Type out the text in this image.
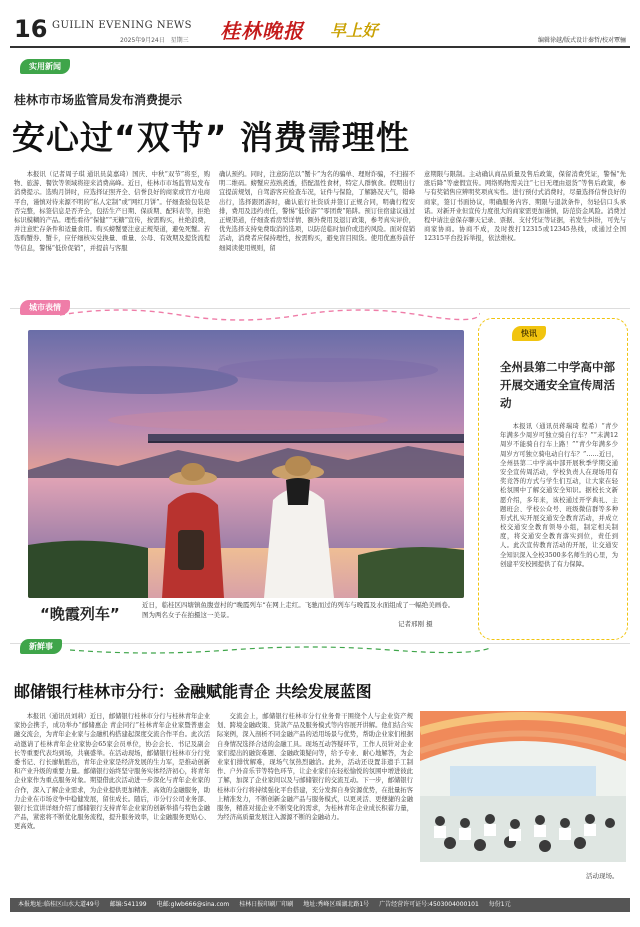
16 GUILIN EVENING NEWS
2025年9月24日 星期三 桂林晚报 早上好
编辑徐越/版式设计秦哲/校对覃骊
实用新闻
桂林市市场监管局发布消费提示
安心过“双节” 消费需理性

本报讯（记者周子琪 通讯员莫嘉琦）国庆、中秋“双节”将至，购物、旅游、餐饮等领域将迎来消费高峰。近日，桂林市市场监管局发布消费提示。选购月饼时，应选择证照齐全、信誉良好的商家或官方电商平台，谨慎对待来源不明的“私人定制”或“网红月饼”。仔细查验包装是否完整，标签信息是否齐全，包括生产日期、保质期、配料表等，拒绝标识模糊的产品。理性看待“保健”“无糖”宣传，按需购买，杜绝浪费，并注意贮存条件和适量食用。购买螃蟹要注意正规渠道，避免死蟹。若选购蟹券、蟹卡，应仔细核实兑换量、重量、公母、有效期及提货流程等信息，警惕“低价促销”，并提前与客服

确认预约。同时，注意防范以“蟹卡”为名的骗单、理财诈骗，不扫描不明二维码。螃蟹应蒸熟煮透，搭配温性食材，特定人群慎食。假期出行宜提前规划，自驾游客应检查车况，证件与保险，了解路况天气，错峰出行，选择跟团游时，确认旅行社资质并签订正规合同，明确行程安排，费用及违约责任，警惕“低价游”“零团费”陷阱。预订住宿建议通过正规渠道，仔细查看房型详情、额外费用及退订政策，参考真实评价，优先选择支持免费取消的选项，以防范临时加价或违约风险。面对促销活动，消费者应保持理性，按需购买，避免盲目囤货。使用优惠券前仔细阅读使用规则，留

意期限与限制。主动确认商品质量及售后政策，保留消费凭证，警惕“先涨后降”等虚假宣传。网络购物需关注“七日无理由退货”等售后政策，参与有奖销售应辨明奖项真实性。进行预付式消费时，尽量选择信誉良好的商家，签订书面协议，明确服务内容、期限与退款条件，勿轻信口头承诺。对新开业但宣传力度很大的商家需更加谨慎，防范资金风险。消费过程中请注意保存聊天记录、票据、支付凭证等证据，若发生纠纷，可先与商家协商。协商不成，及时拨打12315或12345热线，或通过全国12315平台投诉举报，依法维权。

城市表情
“晚霞列车”	近日，临桂区四塘镇鱼腹壹村的“晚霞列车”在网上走红。飞驰而过的列车与晚霞及水面组成了一幅绝美画卷。图为两名女子在拍摄这一美景。
记者邢刚 摄
快讯
全州县第二中学高中部开展交通安全宣传周活动

本报讯（通讯员蒋瑞琦 程希）“青少年满多少周岁可独立骑自行车？”“未满12周岁不能骑自行车上路！”“青少年满多少周岁方可独立骑电动自行车？”……近日，全州县第二中学高中部开展秋季学期交通安全宣传周活动，学校负责人在现场用有奖竞答的方式与学生们互动，让大家在轻松氛围中了解交通安全知识。据校长文新愿介绍，多年来，该校通过开学典礼、主题班会、学校公众号、班级微信群等多种形式扎实开展交通安全教育活动，并成立校交通安全教育领导小组，制定相关制度，将交通安全教育落实到位，责任到人。此次宣传教育活动的开展，让交通安全知识深入全校3500多名师生的心里，为创建平安校园提供了有力保障。

新鲜事
邮储银行桂林市分行：金融赋能青企 共绘发展蓝图

本报讯（通讯员刘莉）近日，邮储银行桂林市分行与桂林青年企业家协会携手，成功举办“邮储惠企 青企同行”桂林青年企业家暨普惠金融交流会，为青年企业家与金融机构搭建起深度交流合作平台。此次活动邀请了桂林青年企业家协会65家会员单位，协会会长、书记及副会长等重要代表均到场，共襄盛举。在活动现场，邮储银行桂林市分行党委书记、行长廖航胜出，青年企业家是经济发展的生力军，是推动创新和产业升级的重要力量。邮储银行始终坚守服务实体经济初心，将青年企业家作为重点服务对象。期望借此次活动进一步深化与青年企业家的合作，深入了解企业需求，为企业提供更加精准、高效的金融服务，助力企业在市场竞争中稳健发展，留住成长。随后，市分行公司业务部、银行长宣讲详细介绍了邮储银行支持青年企业家的创新举措与特色金融产品，紧密将不断优化服务流程，提升服务效率，让金融服务更贴心、更高效。

交流会上，邮储银行桂林市分行业务骨干围绕个人与企业资产规划、跨境金融政策、贷款产品及服务模式等内容展开讲解。他们结合实际案例，深入剖析不同金融产品的适用场景与优势，帮助企业家们根据自身情况选择合适的金融工具。现场互动答疑环节，工作人员针对企业家们提出的融资难题、金融政策疑问等，给予专业、耐心地解答，为企业家们排忧解难，现场气氛热烈融洽。此外，活动还设置非遗手工制作、户外音乐节等特色环节，让企业家们在轻松愉悦的氛围中增进彼此了解，加深了企业家间以及与邮储银行的交流互动。下一步，邮储银行桂林市分行将持续强化平台搭建，充分发挥自身资源优势，在批量拓客上精准发力，不断创新金融产品与服务模式，以更灵活、更便捷的金融服务，精准对接企业不断变化的需求，为桂林青年企业成长积蓄力量，为经济高质量发展注入源源不断的金融动力。

活动现场。
本报地址:临桂区山水大道49号 邮编:541199 电邮:glwb666@sina.com 桂林日报印刷厂印刷 地址:秀峰区瑶湖北路1号 广告经营许可证号:4503004000101 每份1元
